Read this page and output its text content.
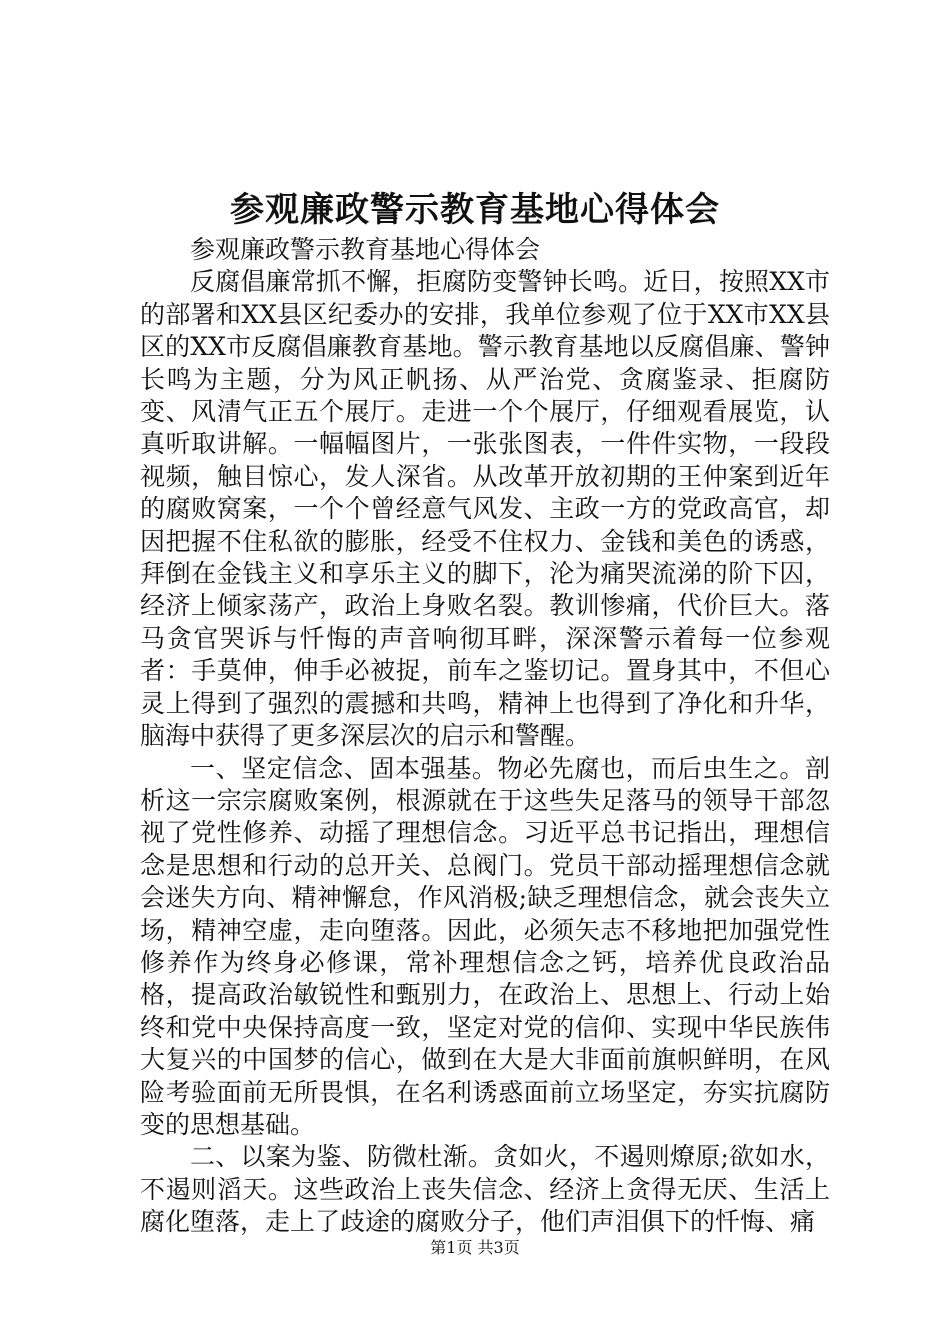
参观廉政警示教育基地心得体会

参观廉政警示教育基地心得体会

反腐倡廉常抓不懈，拒腐防变警钟长鸣。近日，按照XX市的部署和XX县区纪委办的安排，我单位参观了位于XX市XX县区的XX市反腐倡廉教育基地。警示教育基地以反腐倡廉、警钟长鸣为主题，分为风正帆扬、从严治党、贪腐鉴录、拒腐防变、风清气正五个展厅。走进一个个展厅，仔细观看展览，认真听取讲解。一幅幅图片，一张张图表，一件件实物，一段段视频，触目惊心，发人深省。从改革开放初期的王仲案到近年的腐败窝案，一个个曾经意气风发、主政一方的党政高官，却因把握不住私欲的膨胀，经受不住权力、金钱和美色的诱惑，拜倒在金钱主义和享乐主义的脚下，沦为痛哭流涕的阶下囚，经济上倾家荡产，政治上身败名裂。教训惨痛，代价巨大。落马贪官哭诉与忏悔的声音响彻耳畔，深深警示着每一位参观者：手莫伸，伸手必被捉，前车之鉴切记。置身其中，不但心灵上得到了强烈的震撼和共鸣，精神上也得到了净化和升华，脑海中获得了更多深层次的启示和警醒。

一、坚定信念、固本强基。物必先腐也，而后虫生之。剖析这一宗宗腐败案例，根源就在于这些失足落马的领导干部忽视了党性修养、动摇了理想信念。习近平总书记指出，理想信念是思想和行动的总开关、总阀门。党员干部动摇理想信念就会迷失方向、精神懈怠，作风消极;缺乏理想信念，就会丧失立场，精神空虚，走向堕落。因此，必须矢志不移地把加强党性修养作为终身必修课，常补理想信念之钙，培养优良政治品格，提高政治敏锐性和甄别力，在政治上、思想上、行动上始终和党中央保持高度一致，坚定对党的信仰、实现中华民族伟大复兴的中国梦的信心，做到在大是大非面前旗帜鲜明，在风险考验面前无所畏惧，在名利诱惑面前立场坚定，夯实抗腐防变的思想基础。

二、以案为鉴、防微杜渐。贪如火，不遏则燎原;欲如水，不遏则滔天。这些政治上丧失信念、经济上贪得无厌、生活上腐化堕落，走上了歧途的腐败分子，他们声泪俱下的忏悔、痛

第1页 共3页
